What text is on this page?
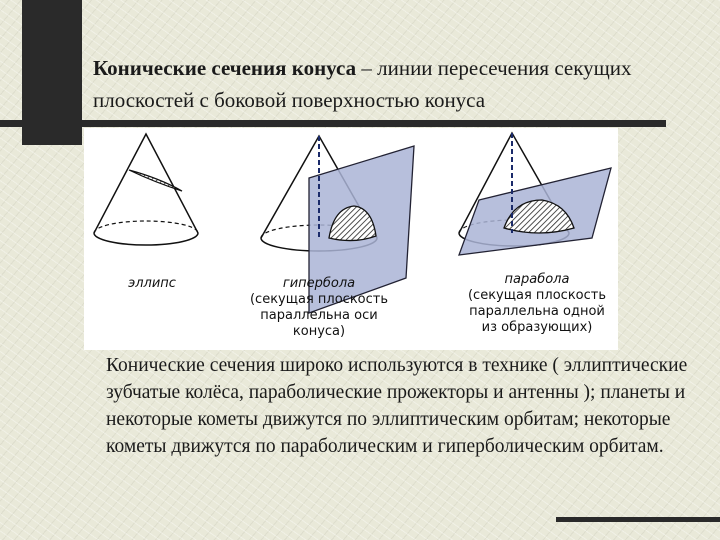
Конические сечения конуса – линии пересечения секущих плоскостей с боковой поверхностью конуса
эллипс	гипербола
(секущая плоскость
параллельна оси
конуса)
парабола
(секущая плоскость
параллельна одной
из образующих)
Конические сечения широко используются в технике ( эллиптические зубчатые колёса, параболические прожекторы и антенны ); планеты и некоторые кометы движутся по эллиптическим орбитам; некоторые кометы движутся по параболическим и гиперболическим орбитам.
